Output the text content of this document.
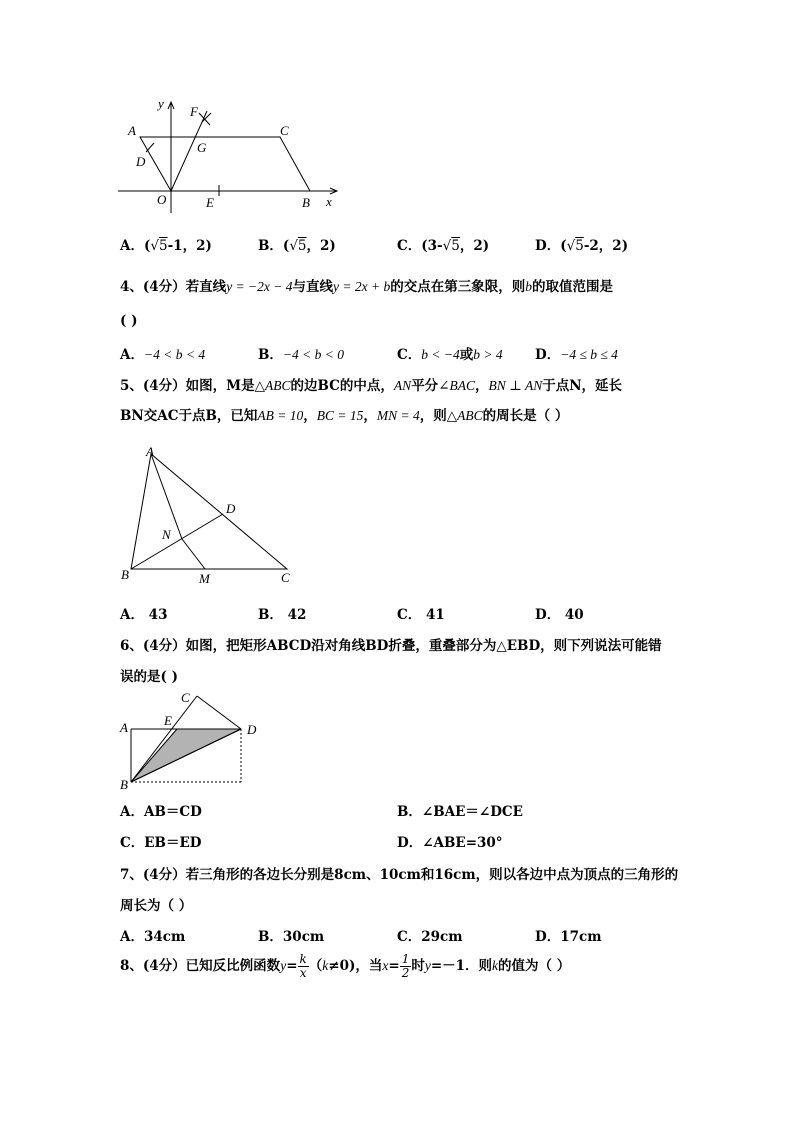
y
F
A	C
G
D
O	E	B x
A．(√5-1，2)	B．(√5，2)	C．(3-√5，2)	D．(√5-2，2)
4、(4分）若直线y = −2x − 4与直线y = 2x + b的交点在第三象限，则b的取值范围是
( )
A．−4 < b < 4	B．−4 < b < 0	C．b < −4或b > 4 D．−4 ≤ b ≤ 4
5、(4分）如图，M是△ABC的边BC的中点，AN平分∠BAC，BN ⊥ AN于点N，延长
BN交AC于点B，已知AB = 10，BC = 15，MN = 4，则△ABC的周长是（ ）
A
D
N
B	M	C
A． 43	B． 42	C． 41	D． 40
6、(4分）如图，把矩形ABCD沿对角线BD折叠，重叠部分为△EBD，则下列说法可能错
误的是( )
C
A	E
D
B
A．AB＝CD	B．∠BAE＝∠DCE
C．EB＝ED	D．∠ABE=30°
7、(4分）若三角形的各边长分别是8cm、10cm和16cm，则以各边中点为顶点的三角形的
周长为（ ）
A．34cm	B．30cm	C．29cm	D．17cm
8、(4分）已知反比例函数$y= \frac{k}{x} (k\ne 0)$，当$x= \frac{1}{2}$ 时y=－1．则k的值为（ ）
